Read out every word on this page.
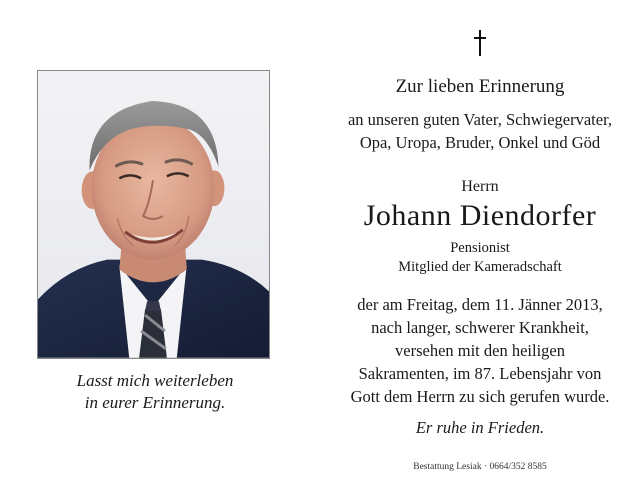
Lasst mich weiterleben
in eurer Erinnerung.
Zur lieben Erinnerung
an unseren guten Vater, Schwiegervater,
Opa, Uropa, Bruder, Onkel und Göd
Herrn
Johann Diendorfer
Pensionist
Mitglied der Kameradschaft
der am Freitag, dem 11. Jänner 2013,
nach langer, schwerer Krankheit,
versehen mit den heiligen
Sakramenten, im 87. Lebensjahr von
Gott dem Herrn zu sich gerufen wurde.
Er ruhe in Frieden.
Bestattung Lesiak · 0664/352 8585
